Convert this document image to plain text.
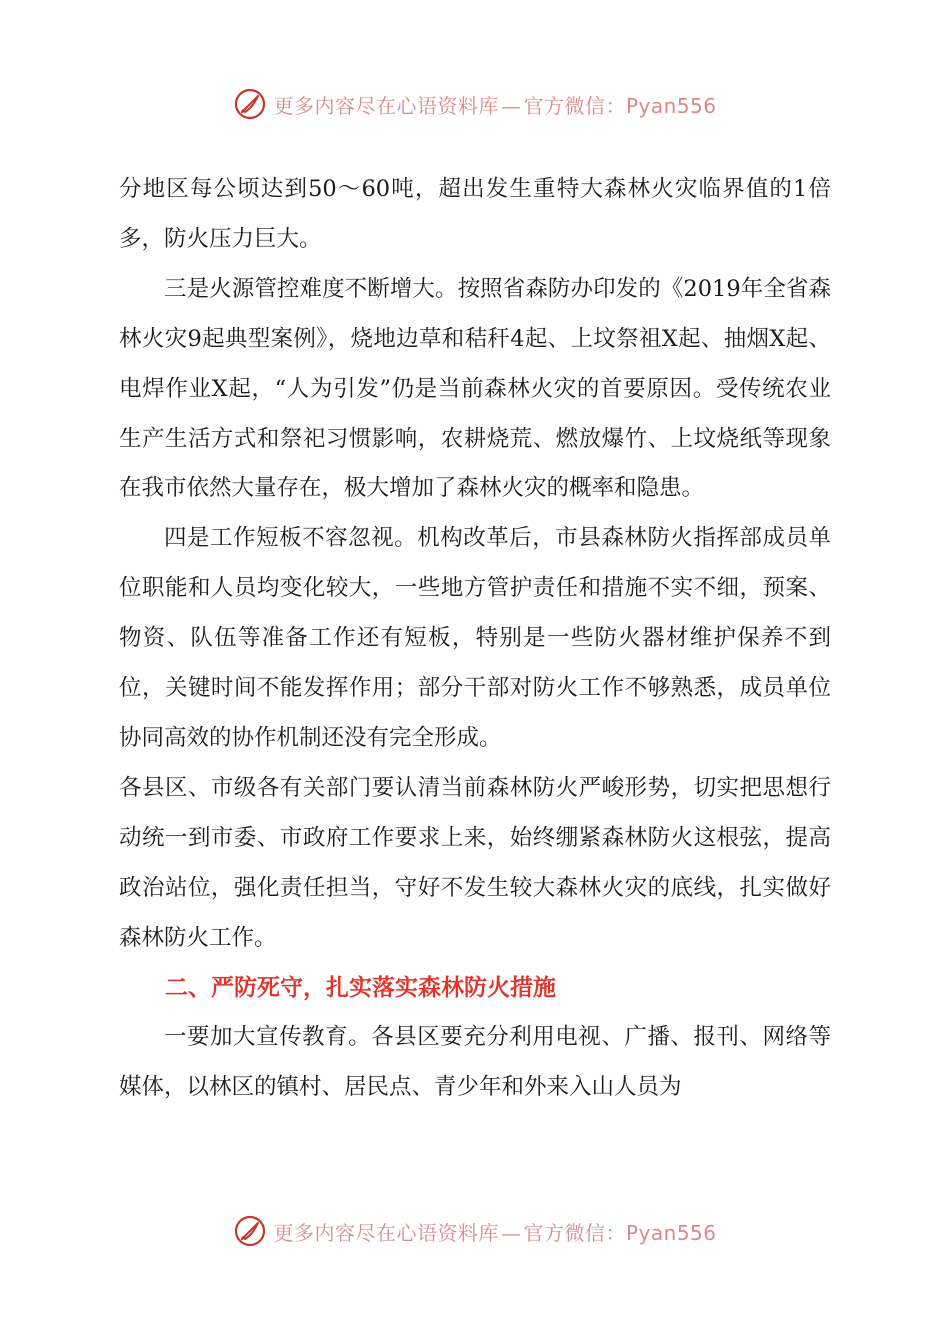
更多内容尽在心语资料库 — 官方微信：Pyan556

分地区每公顷达到50～60吨，超出发生重特大森林火灾临界值的1倍多，防火压力巨大。

三是火源管控难度不断增大。按照省森防办印发的《2019年全省森林火灾9起典型案例》，烧地边草和秸秆4起、上坟祭祖X起、抽烟X起、电焊作业X起，“人为引发”仍是当前森林火灾的首要原因。受传统农业生产生活方式和祭祀习惯影响，农耕烧荒、燃放爆竹、上坟烧纸等现象在我市依然大量存在，极大增加了森林火灾的概率和隐患。

四是工作短板不容忽视。机构改革后，市县森林防火指挥部成员单位职能和人员均变化较大，一些地方管护责任和措施不实不细，预案、物资、队伍等准备工作还有短板，特别是一些防火器材维护保养不到位，关键时间不能发挥作用；部分干部对防火工作不够熟悉，成员单位协同高效的协作机制还没有完全形成。

各县区、市级各有关部门要认清当前森林防火严峻形势，切实把思想行动统一到市委、市政府工作要求上来，始终绷紧森林防火这根弦，提高政治站位，强化责任担当，守好不发生较大森林火灾的底线，扎实做好森林防火工作。

二、严防死守，扎实落实森林防火措施

一要加大宣传教育。各县区要充分利用电视、广播、报刊、网络等媒体，以林区的镇村、居民点、青少年和外来入山人员为

更多内容尽在心语资料库 — 官方微信：Pyan556
